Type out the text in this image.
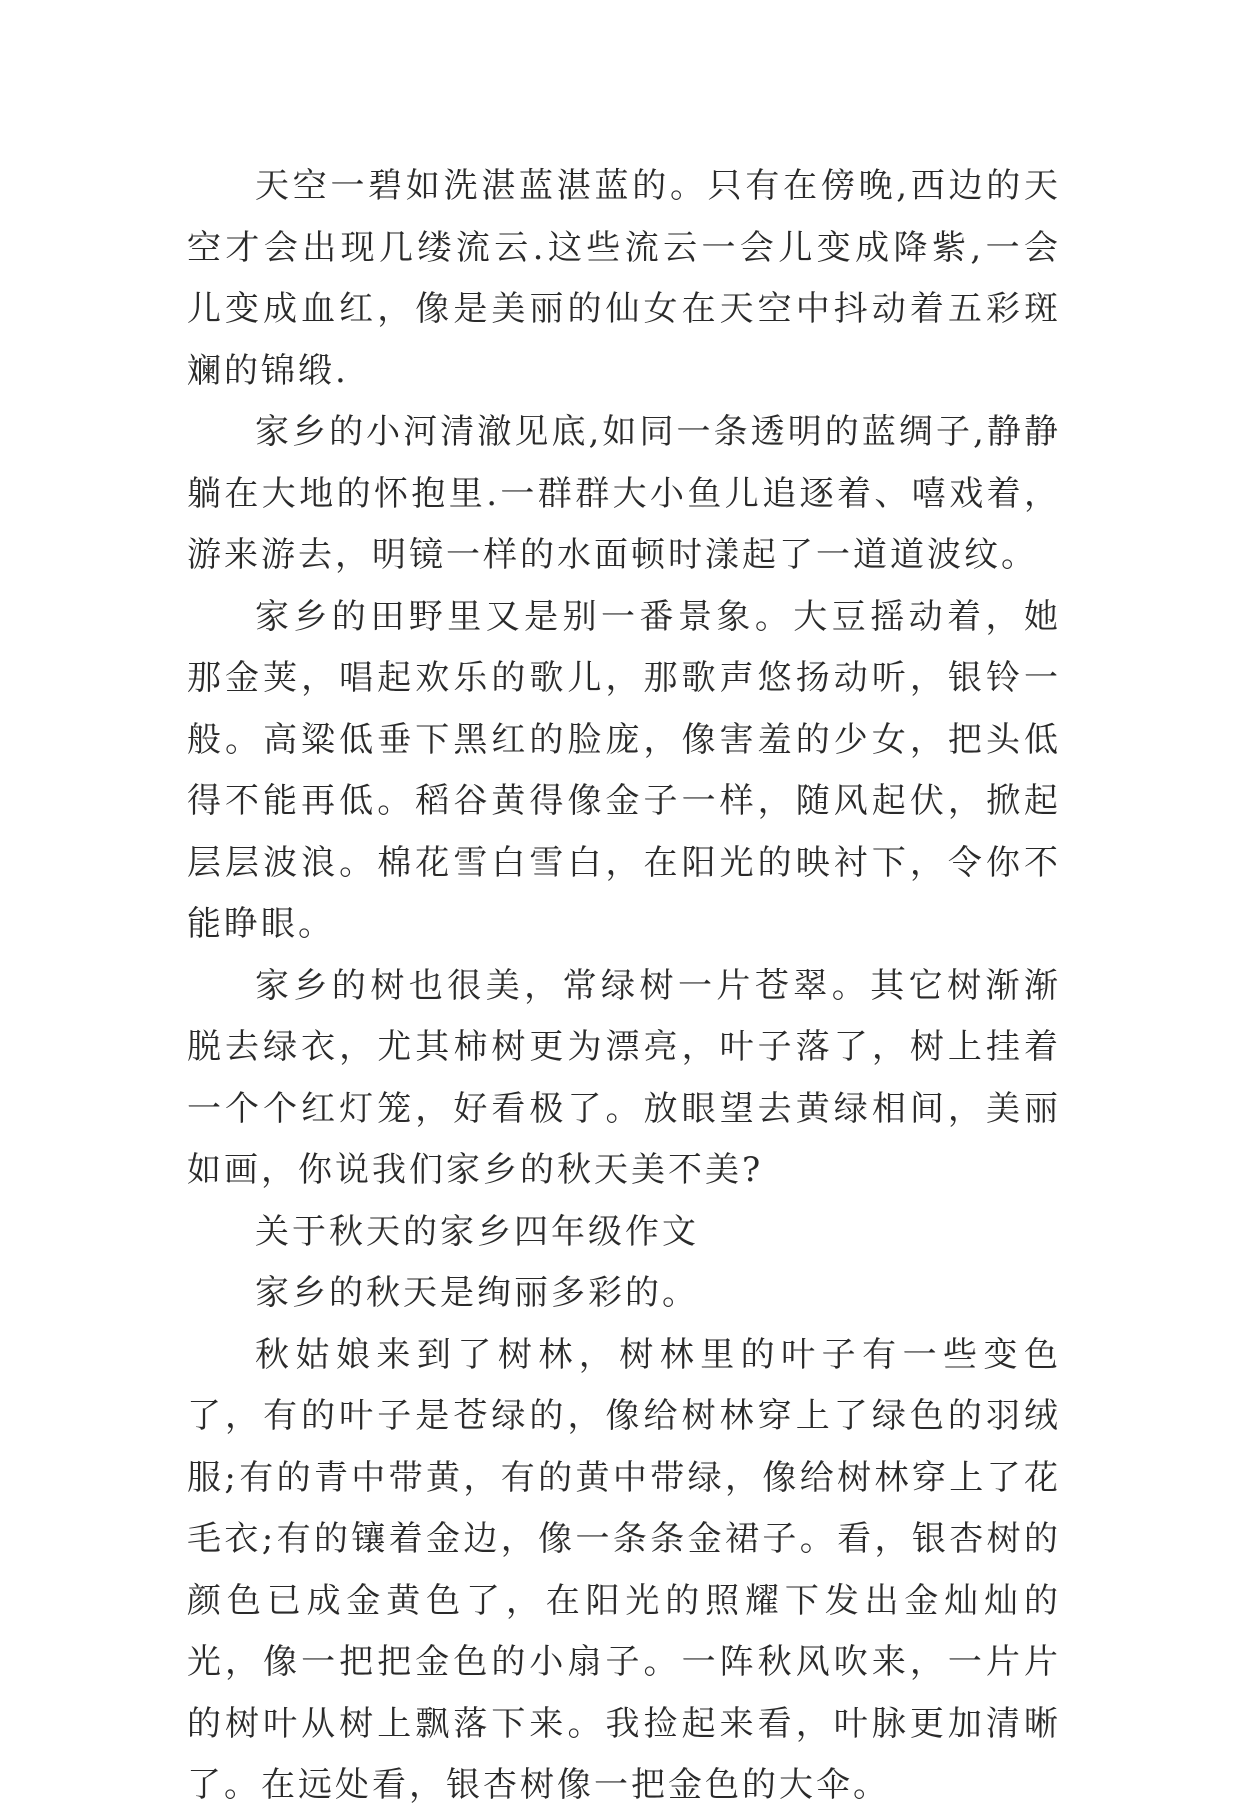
天空一碧如洗湛蓝湛蓝的。只有在傍晚,西边的天空才会出现几缕流云.这些流云一会儿变成降紫,一会儿变成血红，像是美丽的仙女在天空中抖动着五彩斑斓的锦缎.

家乡的小河清澈见底,如同一条透明的蓝绸子,静静躺在大地的怀抱里.一群群大小鱼儿追逐着、嘻戏着，游来游去，明镜一样的水面顿时漾起了一道道波纹。

家乡的田野里又是别一番景象。大豆摇动着，她那金荚，唱起欢乐的歌儿，那歌声悠扬动听，银铃一般。高粱低垂下黑红的脸庞，像害羞的少女，把头低得不能再低。稻谷黄得像金子一样，随风起伏，掀起层层波浪。棉花雪白雪白，在阳光的映衬下，令你不能睁眼。

家乡的树也很美，常绿树一片苍翠。其它树渐渐脱去绿衣，尤其柿树更为漂亮，叶子落了，树上挂着一个个红灯笼，好看极了。放眼望去黄绿相间，美丽如画，你说我们家乡的秋天美不美?

关于秋天的家乡四年级作文

家乡的秋天是绚丽多彩的。

秋姑娘来到了树林，树林里的叶子有一些变色了，有的叶子是苍绿的，像给树林穿上了绿色的羽绒服;有的青中带黄，有的黄中带绿，像给树林穿上了花毛衣;有的镶着金边，像一条条金裙子。看，银杏树的颜色已成金黄色了，在阳光的照耀下发出金灿灿的光，像一把把金色的小扇子。一阵秋风吹来，一片片的树叶从树上飘落下来。我捡起来看，叶脉更加清晰了。在远处看，银杏树像一把金色的大伞。
